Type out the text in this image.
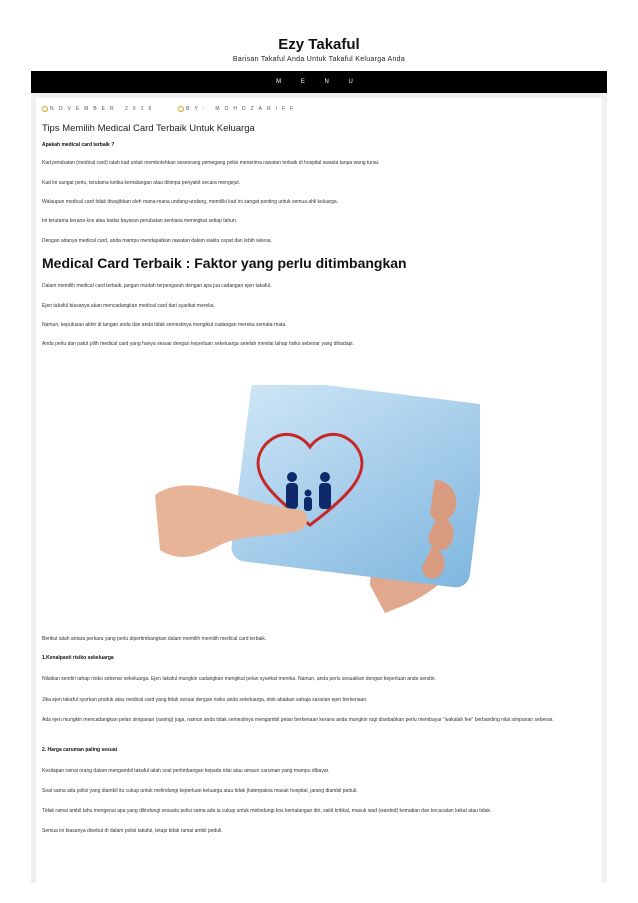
Ezy Takaful
Barisan Takaful Anda Untuk Takaful Keluarga Anda
M E N U
NOVEMBER 2019	BY: MOHDZARIFF
Tips Memilih Medical Card Terbaik Untuk Keluarga

Apakah medical card terbaik ?

Kad perubatan (medical card) ialah kad untuk membolehkan seseorang pemegang polisi menerima rawatan terbaik di hospital swasta tanpa wang tunai.

Kad ini sangat perlu, terutama ketika kemalangan atau ditimpa penyakit secara mengejut.

Walaupun medical card tidak diwajibkan oleh mana-mana undang-undang, memiliki kad ini sangat penting untuk semua ahli keluarga.

Ini terutama kerana kos atau kadar bayaran perubatan sentiasa meningkat setiap tahun.

Dengan adanya medical card, anda mampu mendapatkan rawatan dalam waktu cepat dan lebih selesa.

Medical Card Terbaik : Faktor yang perlu ditimbangkan

Dalam memilih medical card terbaik, jangan mudah terpengaruh dengan apa jua cadangan ejen takaful.

Ejen takaful biasanya akan mencadangkan medical card dari syarikat mereka.

Namun, keputusan akhir di tangan anda dan anda tidak semestinya mengikut cadangan mereka semata-mata.

Anda perlu dan patut pilih medical card yang hanya sesuai dengan keperluan sekeluarga setelah menilai tahap risiko sebenar yang dihadapi.

Berikut ialah antara perkara yang perlu dipertimbangkan dalam memilih memilih medical card terbaik.

1.Kenalpasti risiko sekeluarga

Nilaikan sendiri tahap risiko sebenar sekeluarga. Ejen takaful mungkin cadangkan mengikut pelan syarikat mereka. Namun, anda perlu sesuaikan dengan keperluan anda sendiri.

Jika ejen takaful syorkan produk atau medical card yang tidak sesuai dengan risiko anda sekeluarga, elok abaikan sahaja saranan ejen berkenaan.

Ada ejen mungkin mencadangkan pelan simpanan (saving) juga, namun anda tidak semestinya mengambil pelan berkenaan kerana anda mungkin rugi disebabkan perlu membayar "wakalah fee" berbanding nilai simpanan sebenar.

2. Harga caruman paling sesuai

Kesilapan ramai orang dalam mengambil takaful ialah soal pertimbangan kepada nilai atau amaun caruman yang mampu dibayar.

Soal sama ada polisi yang diambil itu cukup untuk melindungi keperluan keluarga atau tidak (katerpaksa masuk hospital, jarang diambil peduli.

Tidak ramai ambil tahu mengenai apa yang dilindungi sesuatu polisi sama ada ia cukup untuk melindungi kos kemalangan diri, sakit kritikal, masuk wad (warded) kematian dan kecacatan kekal atau tidak.

Semua ini biasanya disebut di dalam polisi takaful, tetapi tidak ramai ambil peduli.
